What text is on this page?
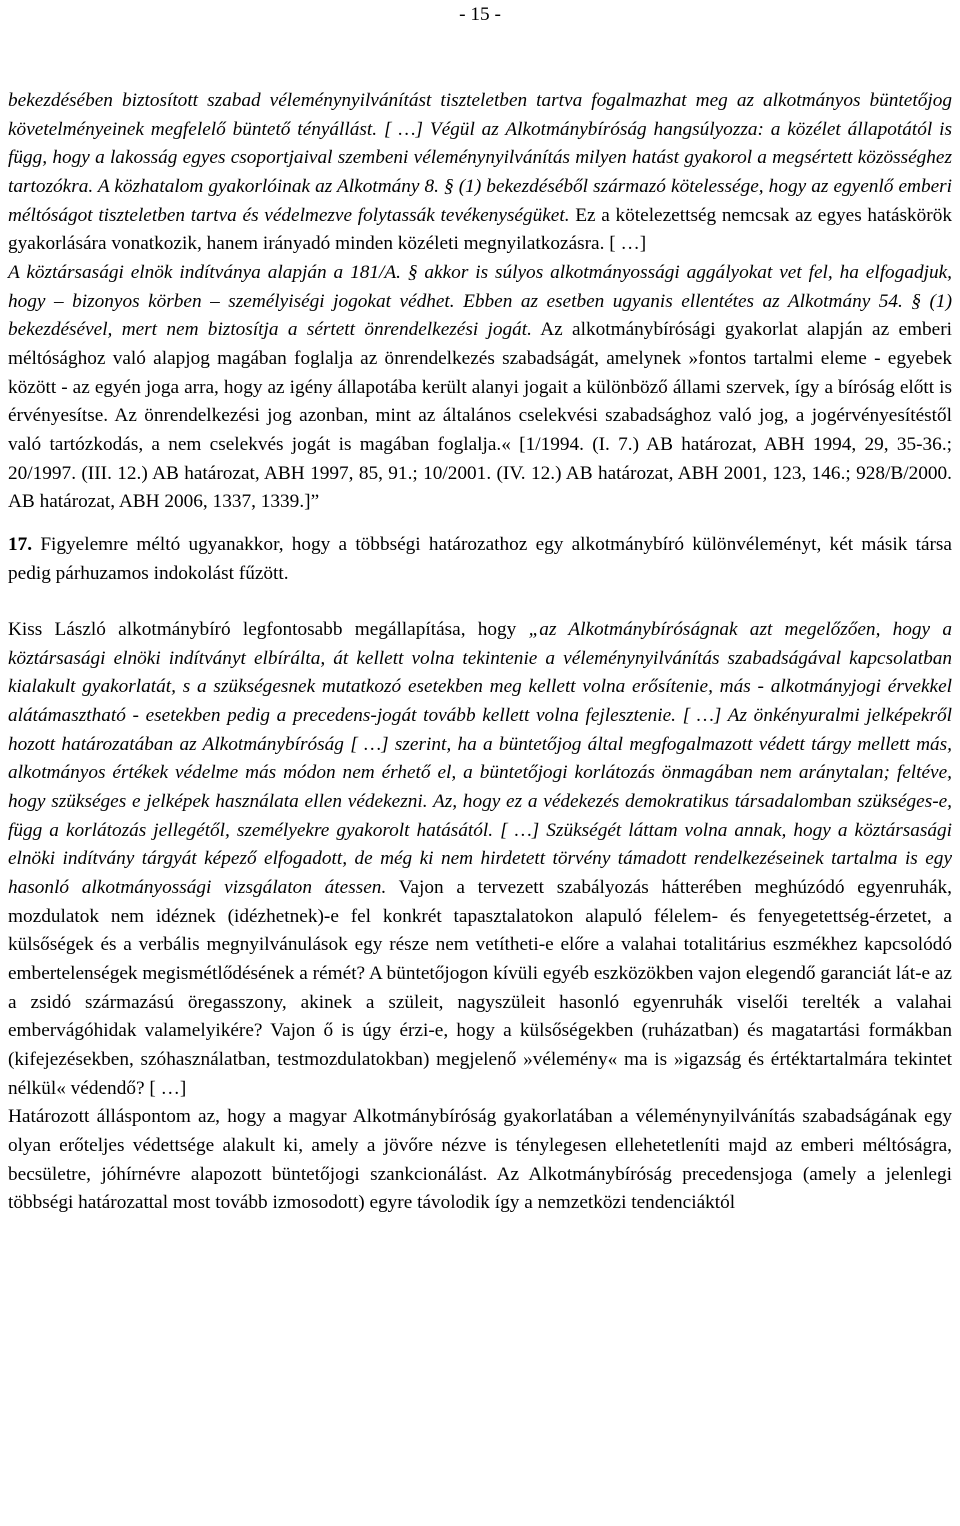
- 15 -

bekezdésében biztosított szabad véleménynyilvánítást tiszteletben tartva fogalmazhat meg az alkotmányos büntetőjog követelményeinek megfelelő büntető tényállást. [ …] Végül az Alkotmánybíróság hangsúlyozza: a közélet állapotától is függ, hogy a lakosság egyes csoportjaival szembeni véleménynyilvánítás milyen hatást gyakorol a megsértett közösséghez tartozókra. A közhatalom gyakorlóinak az Alkotmány 8. § (1) bekezdéséből származó kötelessége, hogy az egyenlő emberi méltóságot tiszteletben tartva és védelmezve folytassák tevékenységüket. Ez a kötelezettség nemcsak az egyes hatáskörök gyakorlására vonatkozik, hanem irányadó minden közéleti megnyilatkozásra. [ …]
A köztársasági elnök indítványa alapján a 181/A. § akkor is súlyos alkotmányossági aggályokat vet fel, ha elfogadjuk, hogy – bizonyos körben – személyiségi jogokat védhet. Ebben az esetben ugyanis ellentétes az Alkotmány 54. § (1) bekezdésével, mert nem biztosítja a sértett önrendelkezési jogát. Az alkotmánybírósági gyakorlat alapján az emberi méltósághoz való alapjog magában foglalja az önrendelkezés szabadságát, amelynek »fontos tartalmi eleme - egyebek között - az egyén joga arra, hogy az igény állapotába került alanyi jogait a különböző állami szervek, így a bíróság előtt is érvényesítse. Az önrendelkezési jog azonban, mint az általános cselekvési szabadsághoz való jog, a jogérvényesítéstől való tartózkodás, a nem cselekvés jogát is magában foglalja.« [1/1994. (I. 7.) AB határozat, ABH 1994, 29, 35-36.; 20/1997. (III. 12.) AB határozat, ABH 1997, 85, 91.; 10/2001. (IV. 12.) AB határozat, ABH 2001, 123, 146.; 928/B/2000. AB határozat, ABH 2006, 1337, 1339.]”

17. Figyelemre méltó ugyanakkor, hogy a többségi határozathoz egy alkotmánybíró különvéleményt, két másik társa pedig párhuzamos indokolást fűzött.

Kiss László alkotmánybíró legfontosabb megállapítása, hogy „az Alkotmánybíróságnak azt megelőzően, hogy a köztársasági elnöki indítványt elbírálta, át kellett volna tekintenie a véleménynyilvánítás szabadságával kapcsolatban kialakult gyakorlatát, s a szükségesnek mutatkozó esetekben meg kellett volna erősítenie, más - alkotmányjogi érvekkel alátámasztható - esetekben pedig a precedens-jogát tovább kellett volna fejlesztenie. [ …] Az önkényuralmi jelképekről hozott határozatában az Alkotmánybíróság [ …] szerint, ha a büntetőjog által megfogalmazott védett tárgy mellett más, alkotmányos értékek védelme más módon nem érhető el, a büntetőjogi korlátozás önmagában nem aránytalan; feltéve, hogy szükséges e jelképek használata ellen védekezni. Az, hogy ez a védekezés demokratikus társadalomban szükséges-e, függ a korlátozás jellegétől, személyekre gyakorolt hatásától. [ …] Szükségét láttam volna annak, hogy a köztársasági elnöki indítvány tárgyát képező elfogadott, de még ki nem hirdetett törvény támadott rendelkezéseinek tartalma is egy hasonló alkotmányossági vizsgálaton átessen. Vajon a tervezett szabályozás hátterében meghúzódó egyenruhák, mozdulatok nem idéznek (idézhetnek)-e fel konkrét tapasztalatokon alapuló félelem- és fenyegetettség-érzetet, a külsőségek és a verbális megnyilvánulások egy része nem vetítheti-e előre a valahai totalitárius eszmékhez kapcsolódó embertelenségek megismétlődésének a rémét? A büntetőjogon kívüli egyéb eszközökben vajon elegendő garanciát lát-e az a zsidó származású öregasszony, akinek a szüleit, nagyszüleit hasonló egyenruhák viselői terelték a valahai embervágóhidak valamelyikére? Vajon ő is úgy érzi-e, hogy a külsőségekben (ruházatban) és magatartási formákban (kifejezésekben, szóhasználatban, testmozdulatokban) megjelenő »vélemény« ma is »igazság és értéktartalmára tekintet nélkül« védendő? [ …]
Határozott álláspontom az, hogy a magyar Alkotmánybíróság gyakorlatában a véleménynyilvánítás szabadságának egy olyan erőteljes védettsége alakult ki, amely a jövőre nézve is ténylegesen ellehetetleníti majd az emberi méltóságra, becsületre, jóhírnévre alapozott büntetőjogi szankcionálást. Az Alkotmánybíróság precedensjoga (amely a jelenlegi többségi határozattal most tovább izmosodott) egyre távolodik így a nemzetközi tendenciáktól
